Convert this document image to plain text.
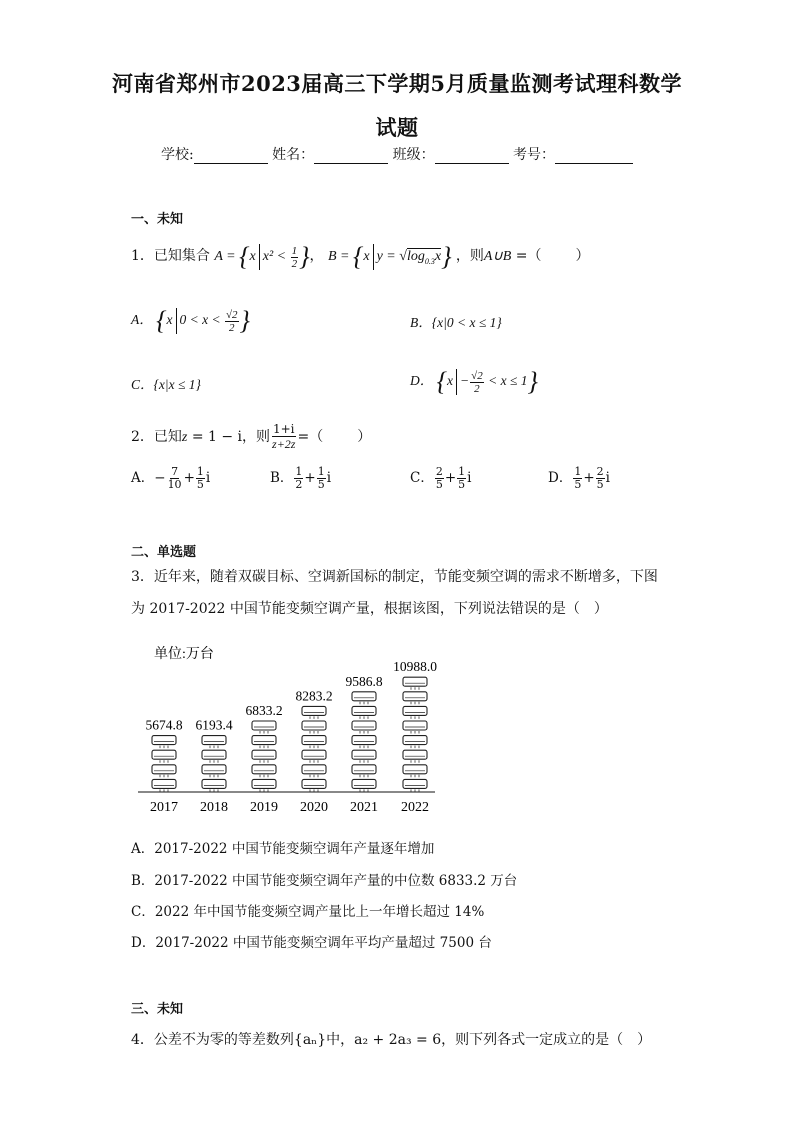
河南省郑州市2023届高三下学期5月质量监测考试理科数学
试题
学校:	姓名：	班级：	考号：
一、未知
1．已知集合 A = {x $x^2 < \frac{1}{2}$ }， B = {x $y = √\log_{0.3}x$} ，则A∪B =（ ）
A． {x $0 < x < \frac{√2}{2}$ }	B．{x|0 < x ≤ 1}
C．{x|x ≤ 1}	D． $\{x - \frac{√2}{2} < x \le 1\}$
2．已知z = 1 − i，则 $\frac{1+i}{z+2z}$ =（ ）
A．− $\frac{7}{10} + \frac{1}{5}$ i	B． $\frac{1}{2} + \frac{1}{5}$ i	C． $\frac{2}{5} + \frac{1}{5}$ i	D． $\frac{1}{5} + \frac{2}{5}$ i
二、单选题
3．近年来，随着双碳目标、空调新国标的制定，节能变频空调的需求不断增多，下图
为 2017-2022 中国节能变频空调产量，根据该图，下列说法错误的是（　）
单位:万台
5674.8
2017
6193.4
2018
6833.2
2019
8283.2
2020
9586.8
2021
10988.0
2022
A．2017-2022 中国节能变频空调年产量逐年增加
B．2017-2022 中国节能变频空调年产量的中位数 6833.2 万台
C．2022 年中国节能变频空调产量比上一年增长超过 14%
D．2017-2022 中国节能变频空调年平均产量超过 7500 台
三、未知
4．公差不为零的等差数列{aₙ}中，a₂ + 2a₃ = 6，则下列各式一定成立的是（　）
